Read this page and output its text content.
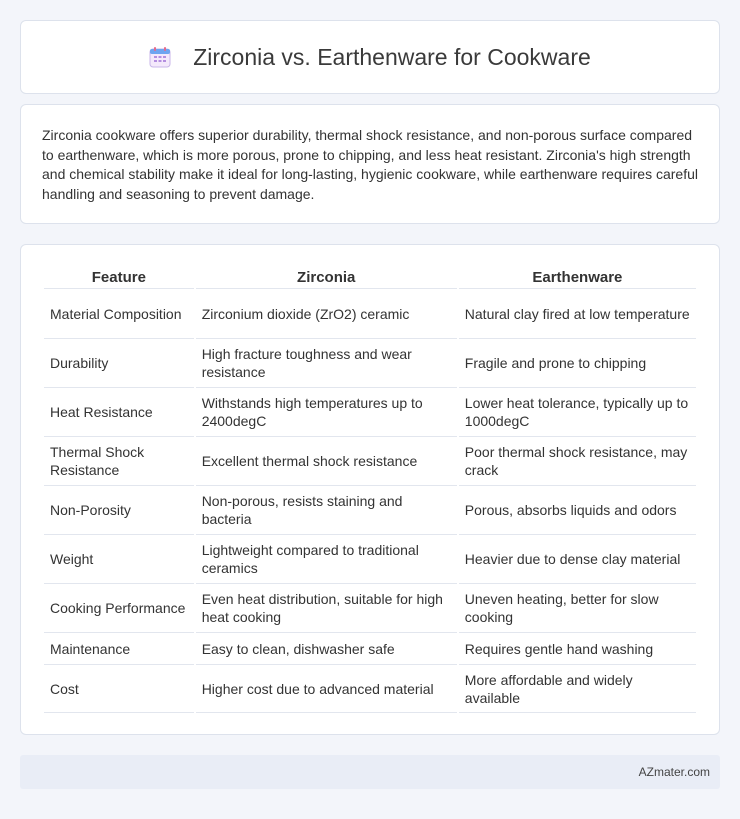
Zirconia vs. Earthenware for Cookware

Zirconia cookware offers superior durability, thermal shock resistance, and non-porous surface compared to earthenware, which is more porous, prone to chipping, and less heat resistant. Zirconia's high strength and chemical stability make it ideal for long-lasting, hygienic cookware, while earthenware requires careful handling and seasoning to prevent damage.

Feature	Zirconia	Earthenware
Material Composition	Zirconium dioxide (ZrO2) ceramic	Natural clay fired at low temperature
Durability	High fracture toughness and wear resistance	Fragile and prone to chipping
Heat Resistance	Withstands high temperatures up to 2400degC	Lower heat tolerance, typically up to 1000degC
Thermal Shock Resistance	Excellent thermal shock resistance	Poor thermal shock resistance, may crack
Non-Porosity	Non-porous, resists staining and bacteria	Porous, absorbs liquids and odors
Weight	Lightweight compared to traditional ceramics	Heavier due to dense clay material
Cooking Performance	Even heat distribution, suitable for high heat cooking	Uneven heating, better for slow cooking
Maintenance	Easy to clean, dishwasher safe	Requires gentle hand washing
Cost	Higher cost due to advanced material	More affordable and widely available
AZmater.com
